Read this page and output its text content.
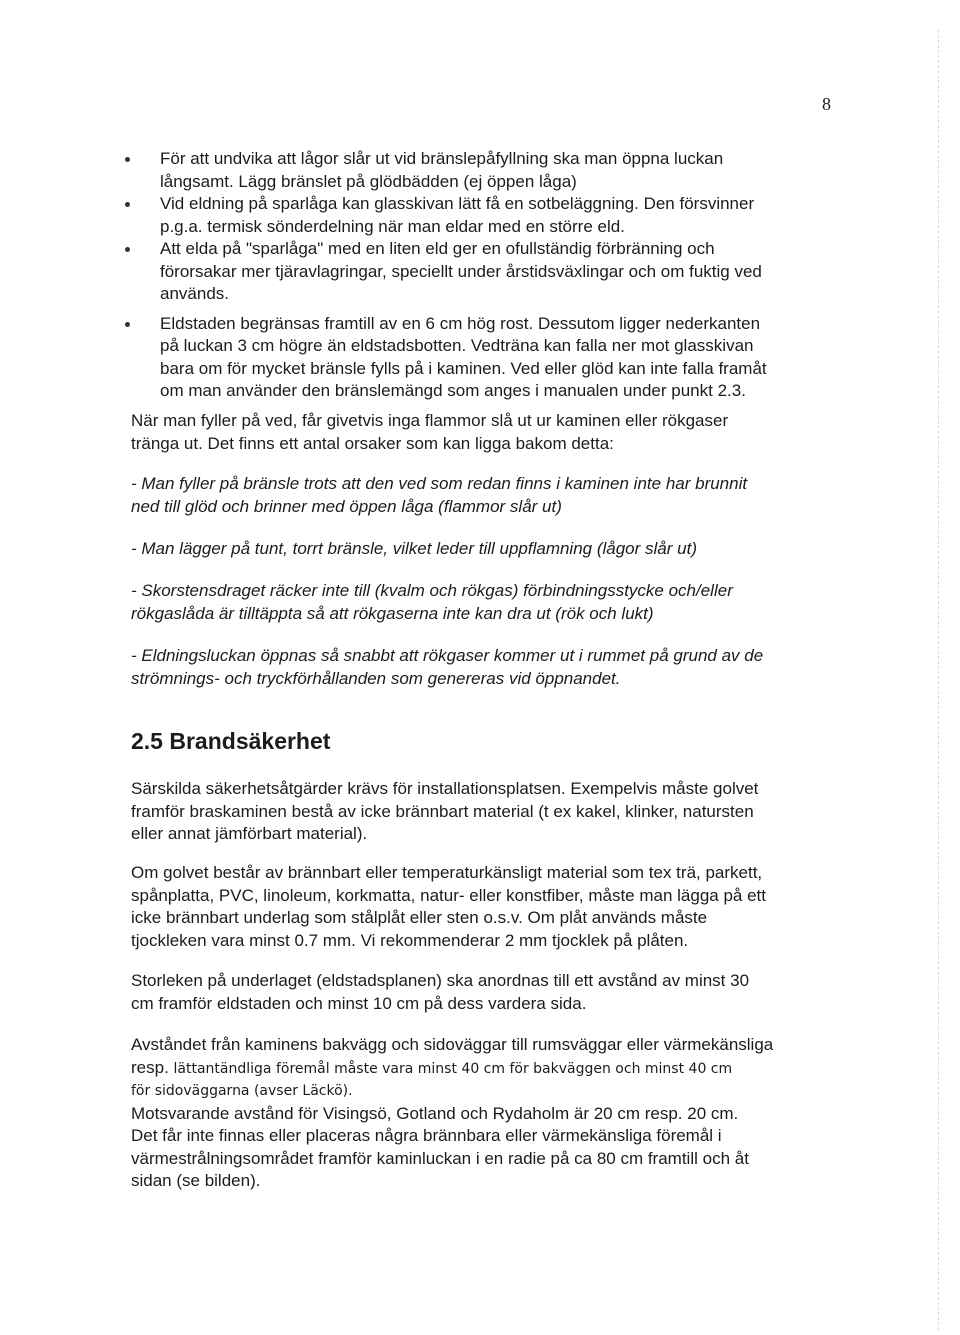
8
För att undvika att lågor slår ut vid bränslepåfyllning ska man öppna luckan
långsamt. Lägg bränslet på glödbädden (ej öppen låga)
Vid eldning på sparlåga kan glasskivan lätt få en sotbeläggning. Den försvinner
p.g.a. termisk sönderdelning när man eldar med en större eld.
Att elda på "sparlåga" med en liten eld ger en ofullständig förbränning och
förorsakar mer tjäravlagringar, speciellt under årstidsväxlingar och om fuktig ved
används.
Eldstaden begränsas framtill av en 6 cm hög rost. Dessutom ligger nederkanten
på luckan 3 cm högre än eldstadsbotten. Vedträna kan falla ner mot glasskivan
bara om för mycket bränsle fylls på i kaminen. Ved eller glöd kan inte falla framåt
om man använder den bränslemängd som anges i manualen under punkt 2.3.
När man fyller på ved, får givetvis inga flammor slå ut ur kaminen eller rökgaser
tränga ut. Det finns ett antal orsaker som kan ligga bakom detta:
- Man fyller på bränsle trots att den ved som redan finns i kaminen inte har brunnit
ned till glöd och brinner med öppen låga (flammor slår ut)
- Man lägger på tunt, torrt bränsle, vilket leder till uppflamning (lågor slår ut)
- Skorstensdraget räcker inte till (kvalm och rökgas) förbindningsstycke och/eller
rökgaslåda är tilltäppta så att rökgaserna inte kan dra ut (rök och lukt)
- Eldningsluckan öppnas så snabbt att rökgaser kommer ut i rummet på grund av de
strömnings- och tryckförhållanden som genereras vid öppnandet.
2.5 Brandsäkerhet
Särskilda säkerhetsåtgärder krävs för installationsplatsen. Exempelvis måste golvet
framför braskaminen bestå av icke brännbart material (t ex kakel, klinker, natursten
eller annat jämförbart material).
Om golvet består av brännbart eller temperaturkänsligt material som tex trä, parkett,
spånplatta, PVC, linoleum, korkmatta, natur- eller konstfiber, måste man lägga på ett
icke brännbart underlag som stålplåt eller sten o.s.v. Om plåt används måste
tjockleken vara minst 0.7 mm. Vi rekommenderar 2 mm tjocklek på plåten.
Storleken på underlaget (eldstadsplanen) ska anordnas till ett avstånd av minst 30
cm framför eldstaden och minst 10 cm på dess vardera sida.
Avståndet från kaminens bakvägg och sidoväggar till rumsväggar eller värmekänsliga
resp. lättantändliga föremål måste vara minst 40 cm för bakväggen och minst 40 cm
för sidoväggarna (avser Läckö).
Motsvarande avstånd för Visingsö, Gotland och Rydaholm är 20 cm resp. 20 cm.
Det får inte finnas eller placeras några brännbara eller värmekänsliga föremål i
värmestrålningsområdet framför kaminluckan i en radie på ca 80 cm framtill och åt
sidan (se bilden).
